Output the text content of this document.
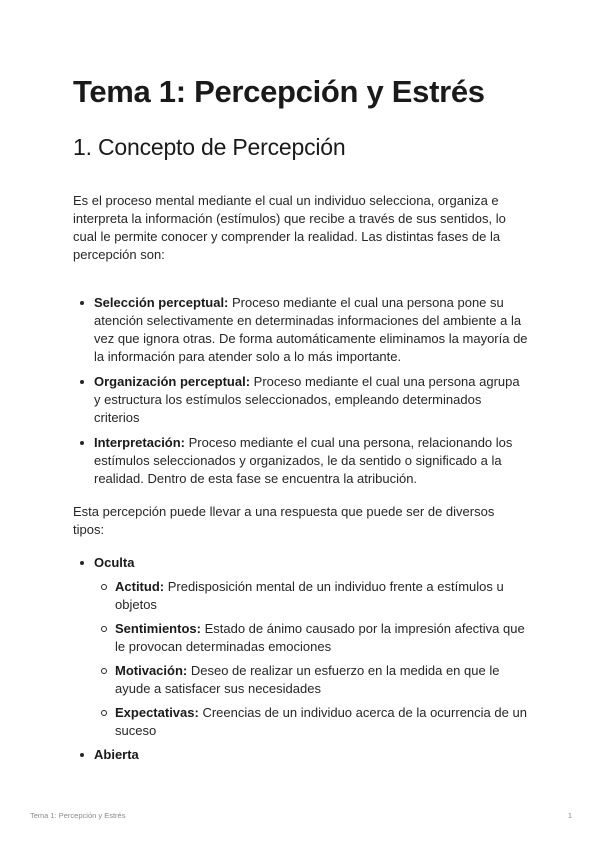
Tema 1: Percepción y Estrés
1. Concepto de Percepción

Es el proceso mental mediante el cual un individuo selecciona, organiza e interpreta la información (estímulos) que recibe a través de sus sentidos, lo cual le permite conocer y comprender la realidad. Las distintas fases de la percepción son:

Selección perceptual: Proceso mediante el cual una persona pone su atención selectivamente en determinadas informaciones del ambiente a la vez que ignora otras. De forma automáticamente eliminamos la mayoría de la información para atender solo a lo más importante.
Organización perceptual: Proceso mediante el cual una persona agrupa y estructura los estímulos seleccionados, empleando determinados criterios
Interpretación: Proceso mediante el cual una persona, relacionando los estímulos seleccionados y organizados, le da sentido o significado a la realidad. Dentro de esta fase se encuentra la atribución.

Esta percepción puede llevar a una respuesta que puede ser de diversos tipos:

Oculta
Actitud: Predisposición mental de un individuo frente a estímulos u objetos
Sentimientos: Estado de ánimo causado por la impresión afectiva que le provocan determinadas emociones
Motivación: Deseo de realizar un esfuerzo en la medida en que le ayude a satisfacer sus necesidades
Expectativas: Creencias de un individuo acerca de la ocurrencia de un suceso
Abierta
Tema 1: Percepción y Estrés	1
